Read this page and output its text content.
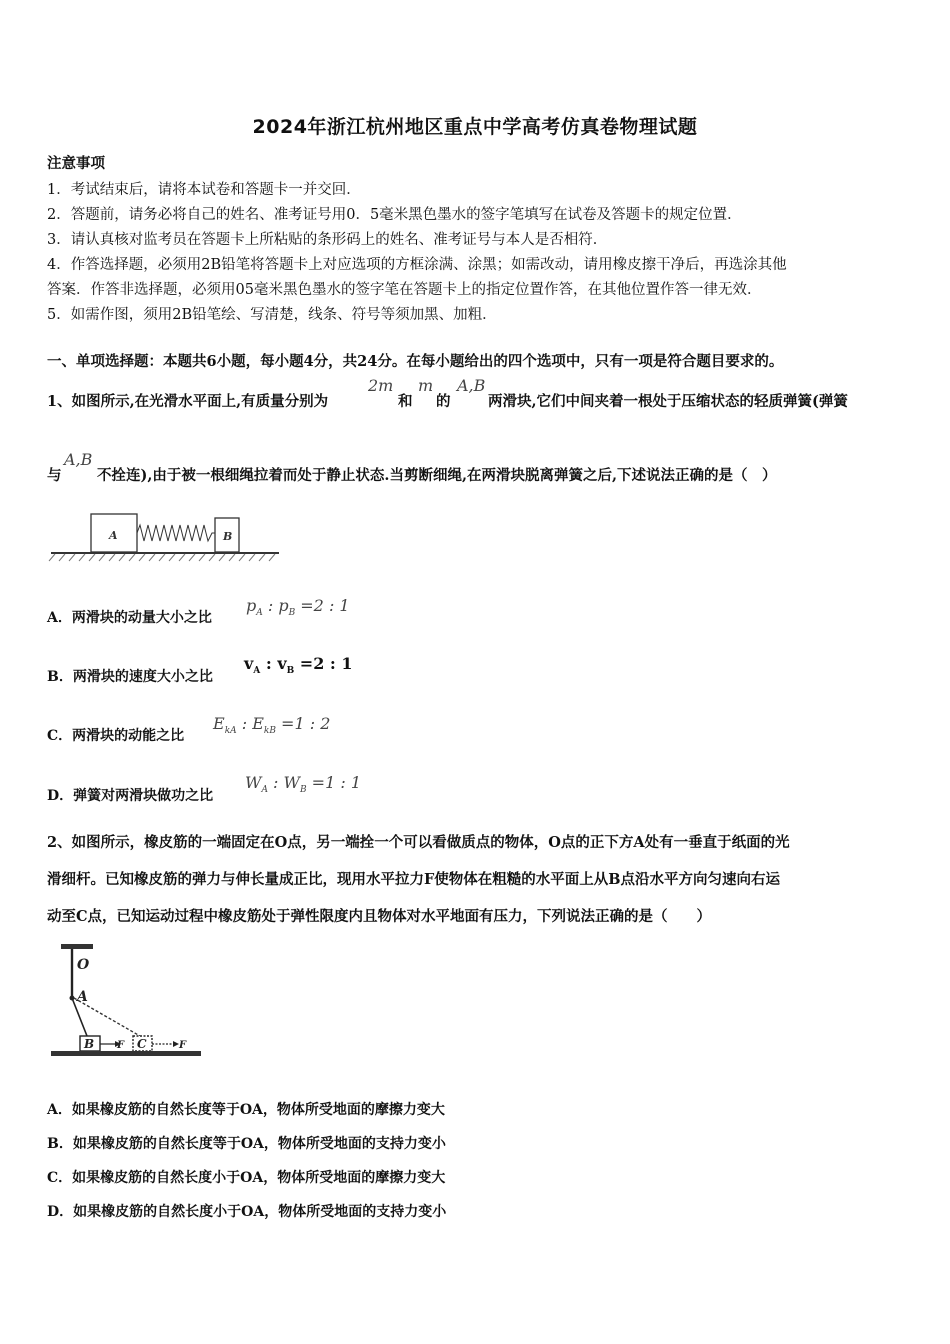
2024年浙江杭州地区重点中学高考仿真卷物理试题
注意事项
1．考试结束后，请将本试卷和答题卡一并交回．
2．答题前，请务必将自己的姓名、准考证号用0．5毫米黑色墨水的签字笔填写在试卷及答题卡的规定位置．
3．请认真核对监考员在答题卡上所粘贴的条形码上的姓名、准考证号与本人是否相符．
4．作答选择题，必须用2B铅笔将答题卡上对应选项的方框涂满、涂黑；如需改动，请用橡皮擦干净后，再选涂其他
答案．作答非选择题，必须用05毫米黑色墨水的签字笔在答题卡上的指定位置作答，在其他位置作答一律无效．
5．如需作图，须用2B铅笔绘、写清楚，线条、符号等须加黑、加粗．
一、单项选择题：本题共6小题，每小题4分，共24分。在每小题给出的四个选项中，只有一项是符合题目要求的。
1、如图所示,在光滑水平面上,有质量分别为
2m
和
m
的
A,B
两滑块,它们中间夹着一根处于压缩状态的轻质弹簧(弹簧
与
A,B
不拴连),由于被一根细绳拉着而处于静止状态.当剪断细绳,在两滑块脱离弹簧之后,下述说法正确的是（　）
A	B
A．两滑块的动量大小之比
$p_A$ : $p_B =2$ : 1
B．两滑块的速度大小之比
$v_A$ : $v_B =2$ : 1
C．两滑块的动能之比
$E_{kA}$ : $E_{kB} =1$ : 2
D．弹簧对两滑块做功之比
$W_A$ : $W_B =1$ : 1
2、如图所示，橡皮筋的一端固定在O点，另一端拴一个可以看做质点的物体，O点的正下方A处有一垂直于纸面的光
滑细杆。已知橡皮筋的弹力与伸长量成正比，现用水平拉力F使物体在粗糙的水平面上从B点沿水平方向匀速向右运
动至C点，已知运动过程中橡皮筋处于弹性限度内且物体对水平地面有压力，下列说法正确的是（　　）
O
A
B F C	F
A．如果橡皮筋的自然长度等于OA，物体所受地面的摩擦力变大
B．如果橡皮筋的自然长度等于OA，物体所受地面的支持力变小
C．如果橡皮筋的自然长度小于OA，物体所受地面的摩擦力变大
D．如果橡皮筋的自然长度小于OA，物体所受地面的支持力变小
